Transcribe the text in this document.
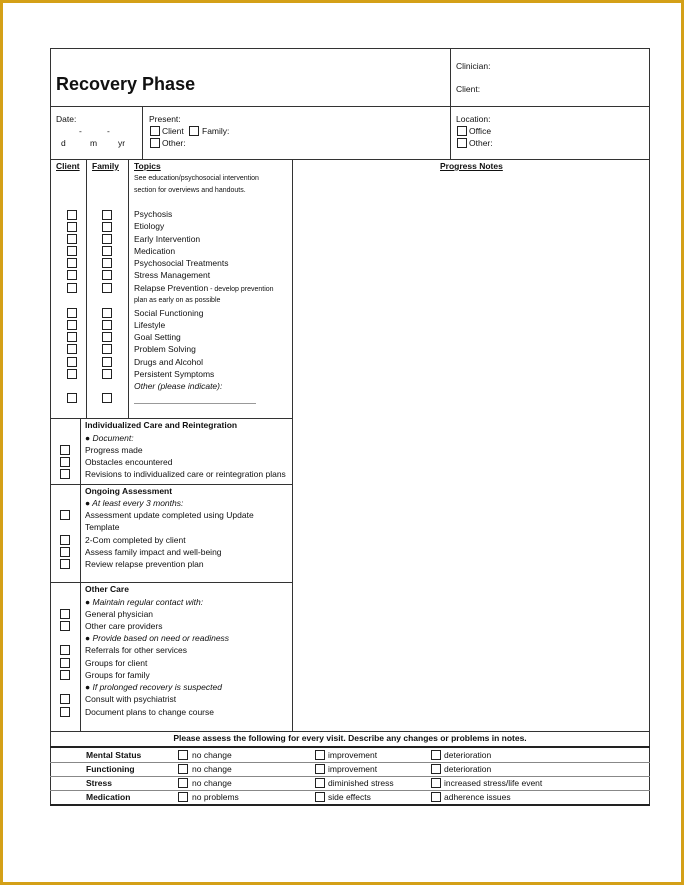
Recovery Phase
Clinician:
Client:
Date:
-	-
d	m yr
Present:
Client Family:
Other:
Location:
Office
Other:
Client Family Topics	Progress Notes
See education/psychosocial intervention
section for overviews and handouts.
Psychosis
Etiology
Early Intervention
Medication
Psychosocial Treatments
Stress Management
Relapse Prevention - develop prevention
plan as early on as possible
Social Functioning
Lifestyle
Goal Setting
Problem Solving
Drugs and Alcohol
Persistent Symptoms
Other (please indicate):
Individualized Care and Reintegration
● Document:
Progress made
Obstacles encountered
Revisions to individualized care or reintegration plans
Ongoing Assessment
● At least every 3 months:
Assessment update completed using Update
Template
2-Com completed by client
Assess family impact and well-being
Review relapse prevention plan
Other Care
● Maintain regular contact with:
General physician
Other care providers
● Provide based on need or readiness
Referrals for other services
Groups for client
Groups for family
● If prolonged recovery is suspected
Consult with psychiatrist
Document plans to change course
Please assess the following for every visit. Describe any changes or problems in notes.
Mental Status	no change	improvement	deterioration
Functioning	no change	improvement	deterioration
Stress	no change	diminished stress	increased stress/life event
Medication	no problems	side effects	adherence issues
